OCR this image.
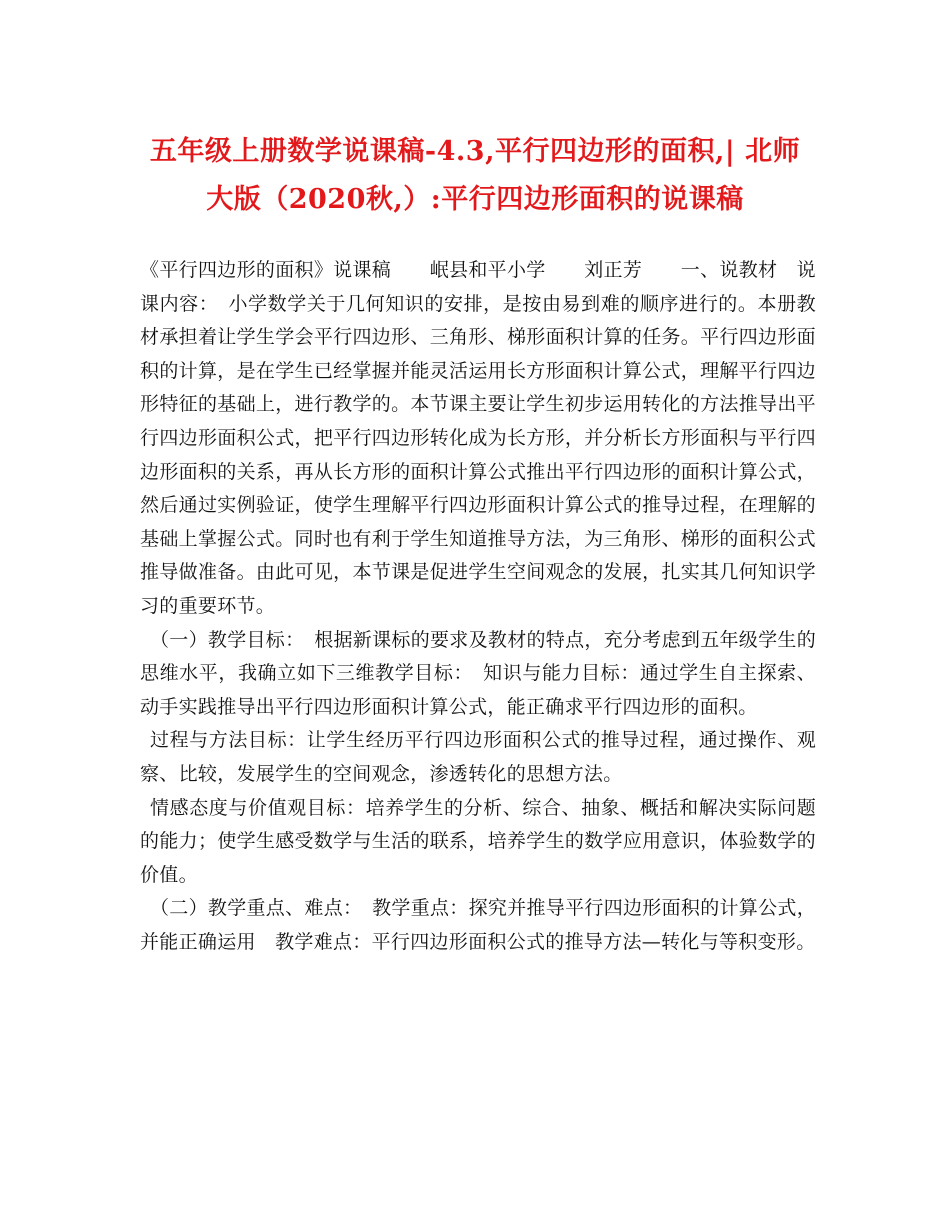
五年级上册数学说课稿-4.3,平行四边形的面积,| 北师
大版（2020秋,）:平行四边形面积的说课稿

《平行四边形的面积》说课稿　　岷县和平小学　　刘正芳　　一、说教材　说课内容：　小学数学关于几何知识的安排，是按由易到难的顺序进行的。本册教材承担着让学生学会平行四边形、三角形、梯形面积计算的任务。平行四边形面积的计算，是在学生已经掌握并能灵活运用长方形面积计算公式，理解平行四边形特征的基础上，进行教学的。本节课主要让学生初步运用转化的方法推导出平行四边形面积公式，把平行四边形转化成为长方形，并分析长方形面积与平行四边形面积的关系，再从长方形的面积计算公式推出平行四边形的面积计算公式，然后通过实例验证，使学生理解平行四边形面积计算公式的推导过程，在理解的基础上掌握公式。同时也有利于学生知道推导方法，为三角形、梯形的面积公式推导做准备。由此可见，本节课是促进学生空间观念的发展，扎实其几何知识学习的重要环节。

（一）教学目标：　根据新课标的要求及教材的特点，充分考虑到五年级学生的思维水平，我确立如下三维教学目标：　知识与能力目标：通过学生自主探索、动手实践推导出平行四边形面积计算公式，能正确求平行四边形的面积。

过程与方法目标：让学生经历平行四边形面积公式的推导过程，通过操作、观察、比较，发展学生的空间观念，渗透转化的思想方法。

情感态度与价值观目标：培养学生的分析、综合、抽象、概括和解决实际问题的能力；使学生感受数学与生活的联系，培养学生的数学应用意识，体验数学的价值。

（二）教学重点、难点：　教学重点：探究并推导平行四边形面积的计算公式，并能正确运用　教学难点：平行四边形面积公式的推导方法—转化与等积变形。
